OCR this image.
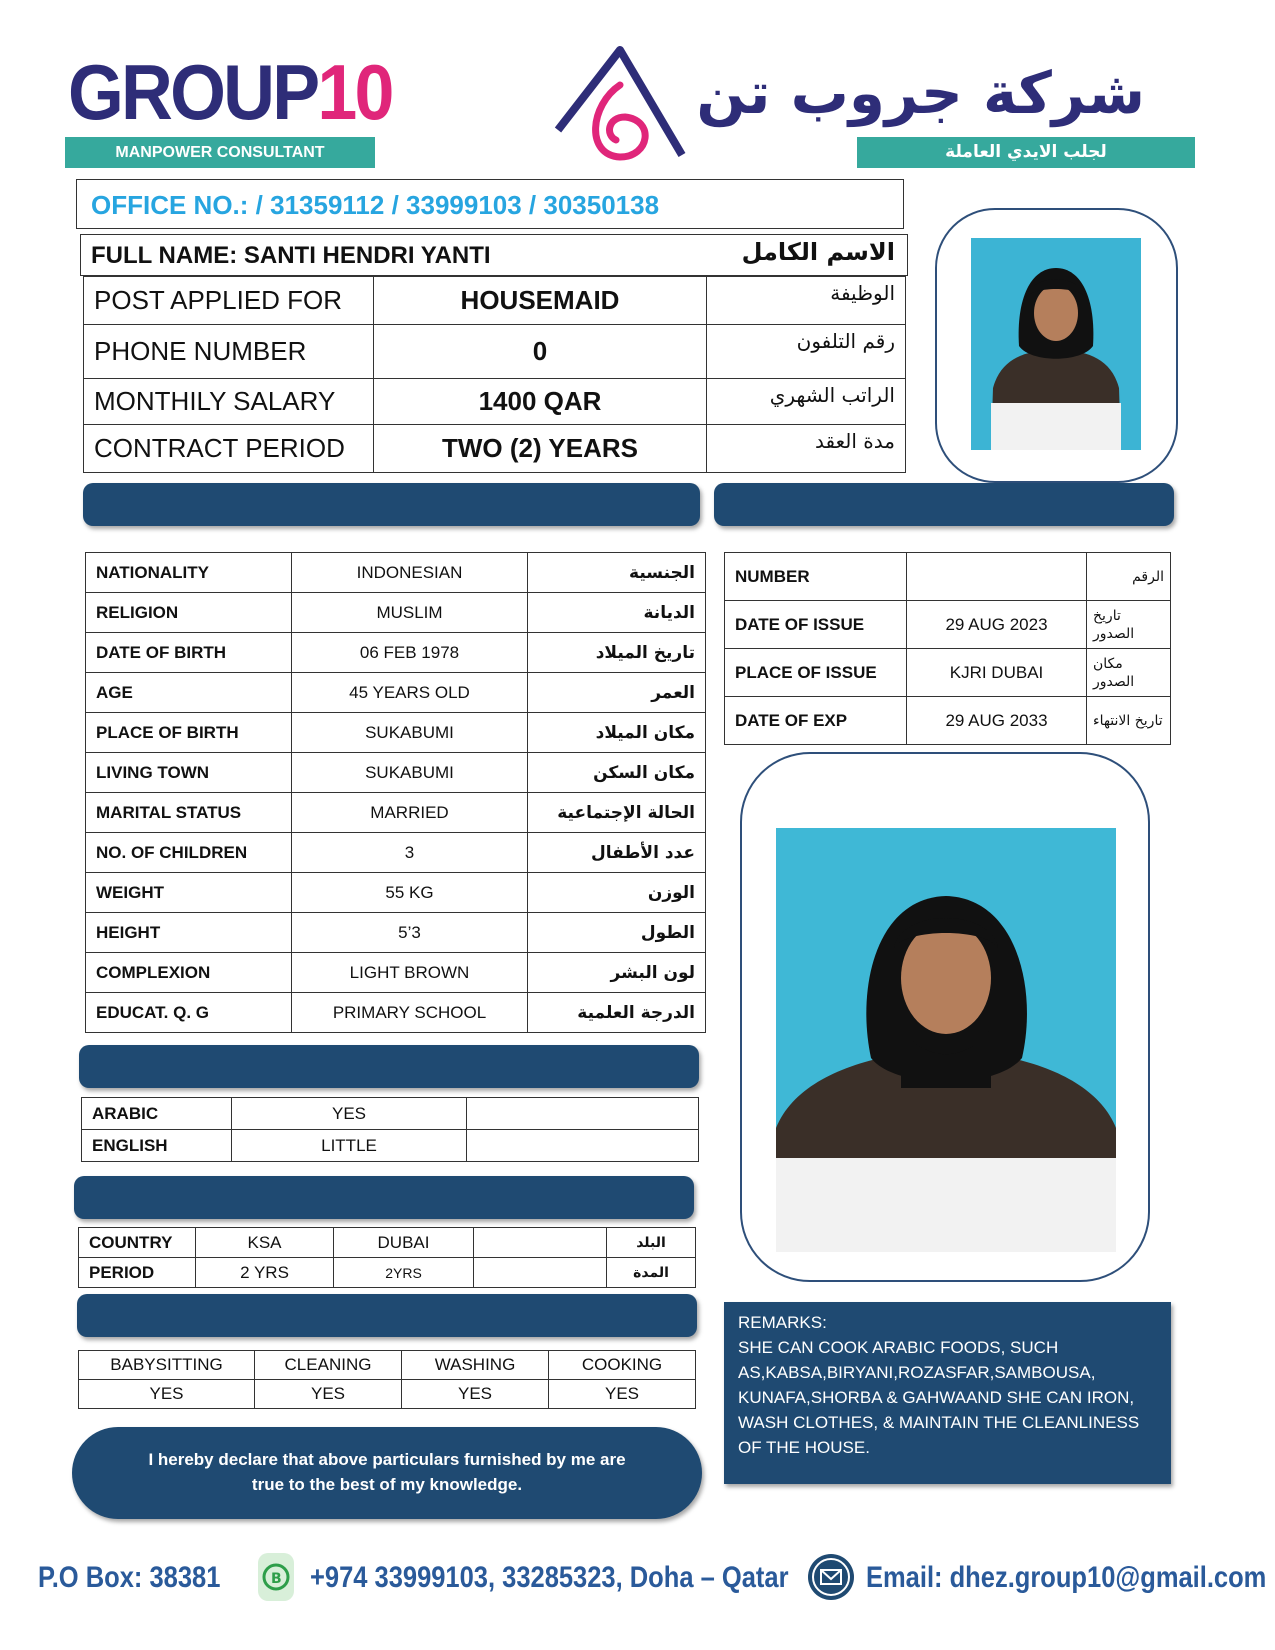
GROUP10
MANPOWER CONSULTANT
شركة جروب تن
لجلب الايدي العاملة
OFFICE NO.: / 31359112 / 33999103 / 30350138
FULL NAME: SANTI HENDRI YANTI	الاسم الكامل
POST APPLIED FOR	HOUSEMAID	الوظيفة
PHONE NUMBER	0	رقم التلفون
MONTHILY SALARY	1400 QAR	الراتب الشهري
CONTRACT PERIOD	TWO (2) YEARS	مدة العقد
NATIONALITY	INDONESIAN	الجنسية
RELIGION	MUSLIM	الديانة
DATE OF BIRTH	06 FEB 1978	تاريخ الميلاد
AGE	45 YEARS OLD	العمر
PLACE OF BIRTH	SUKABUMI	مكان الميلاد
LIVING TOWN	SUKABUMI	مكان السكن
MARITAL STATUS	MARRIED	الحالة الإجتماعية
NO. OF CHILDREN	3	عدد الأطفال
WEIGHT	55 KG	الوزن
HEIGHT	5’3	الطول
COMPLEXION	LIGHT BROWN	لون البشر
EDUCAT. Q. G	PRIMARY SCHOOL	الدرجة العلمية
NUMBER		الرقم
DATE OF ISSUE	29 AUG 2023	تاريخ الصدور
PLACE OF ISSUE	KJRI DUBAI	مكان الصدور
DATE OF EXP	29 AUG 2033	تاريخ الانتهاء
ARABIC	YES	
ENGLISH	LITTLE	
COUNTRY	KSA	DUBAI		البلد
PERIOD	2 YRS	2YRS		المدة
BABYSITTING	CLEANING	WASHING	COOKING
YES	YES	YES	YES
REMARKS:
SHE CAN COOK ARABIC FOODS, SUCH AS,KABSA,BIRYANI,ROZASFAR,SAMBOUSA, KUNAFA,SHORBA & GAHWAAND SHE CAN IRON, WASH CLOTHES, & MAINTAIN THE CLEANLINESS OF THE HOUSE.
I hereby declare that above particulars furnished by me are true to the best of my knowledge.
P.O Box: 38381	B +974 33999103, 33285323, Doha – Qatar	Email: dhez.group10@gmail.com
